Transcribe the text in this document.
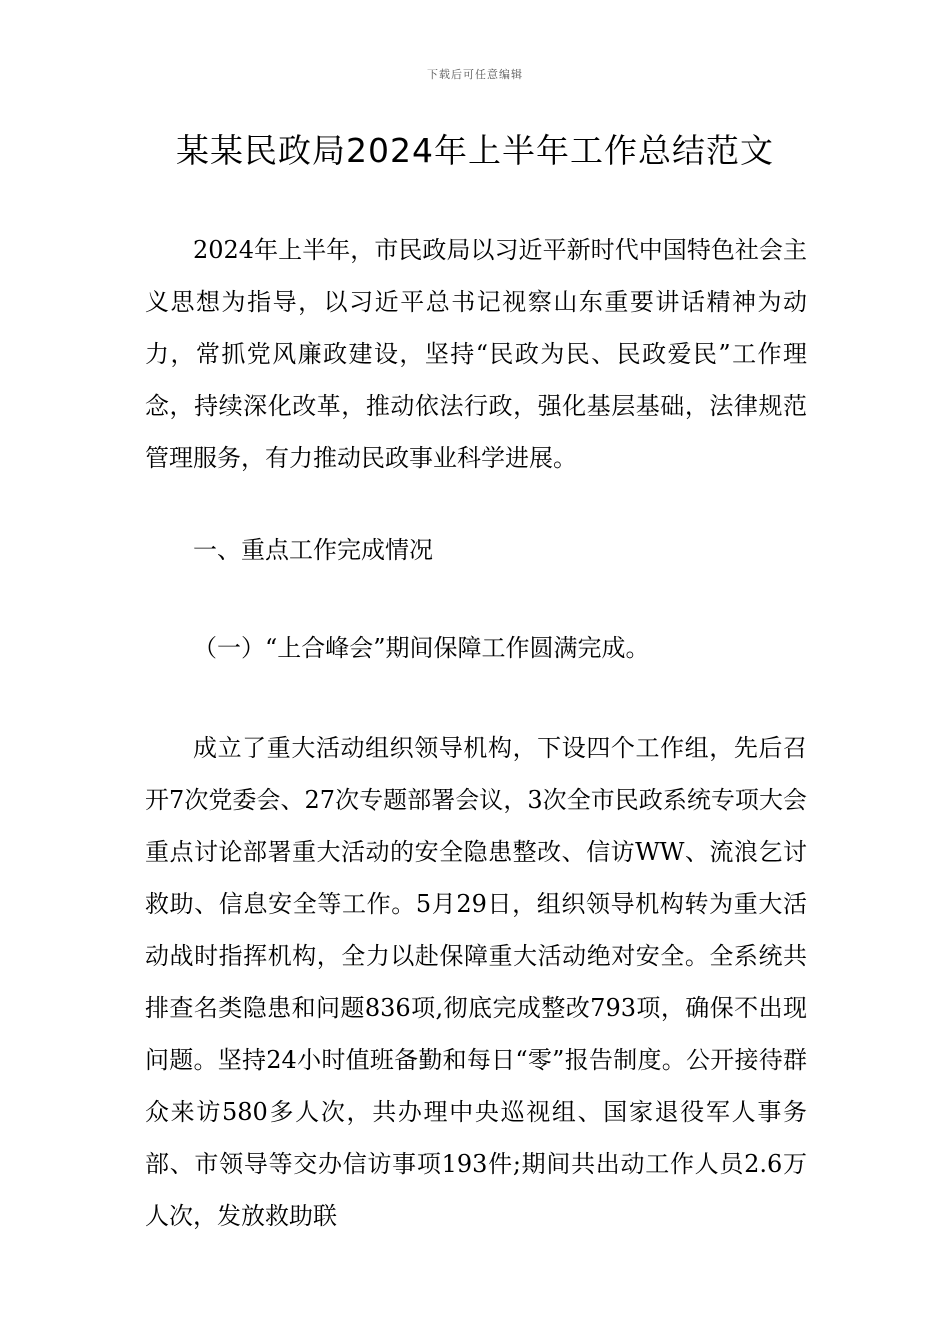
下载后可任意编辑
某某民政局2024年上半年工作总结范文

2024年上半年，市民政局以习近平新时代中国特色社会主义思想为指导，以习近平总书记视察山东重要讲话精神为动力，常抓党风廉政建设，坚持“民政为民、民政爱民”工作理念，持续深化改革，推动依法行政，强化基层基础，法律规范管理服务，有力推动民政事业科学进展。

一、重点工作完成情况

（一）“上合峰会”期间保障工作圆满完成。

成立了重大活动组织领导机构，下设四个工作组，先后召开7次党委会、27次专题部署会议，3次全市民政系统专项大会重点讨论部署重大活动的安全隐患整改、信访WW、流浪乞讨救助、信息安全等工作。5月29日，组织领导机构转为重大活动战时指挥机构，全力以赴保障重大活动绝对安全。全系统共排查名类隐患和问题836项,彻底完成整改793项，确保不出现问题。坚持24小时值班备勤和每日“零”报告制度。公开接待群众来访580多人次，共办理中央巡视组、国家退役军人事务部、市领导等交办信访事项193件;期间共出动工作人员2.6万人次，发放救助联
